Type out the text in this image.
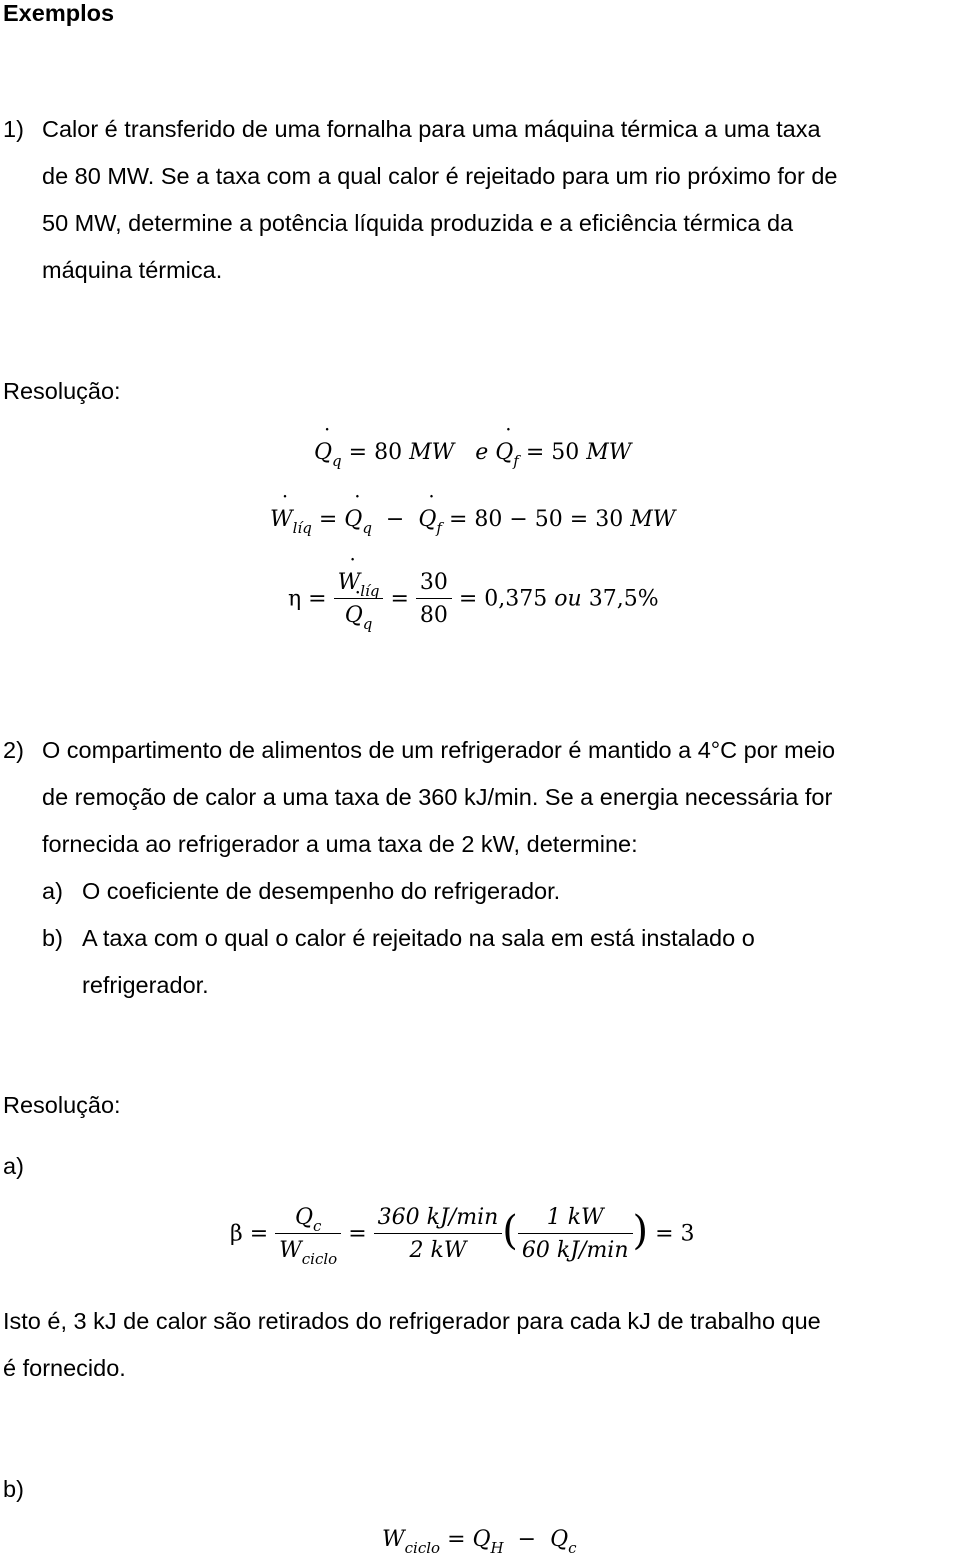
Exemplos
1) Calor é transferido de uma fornalha para uma máquina térmica a uma taxa
de 80 MW. Se a taxa com a qual calor é rejeitado para um rio próximo for de
50 MW, determine a potência líquida produzida e a eficiência térmica da
máquina térmica.
Resolução:
˙ $Q_q = 80$ MW e ˙ $Q_f = 50$ MW
˙ $W_{líq}$ = ˙ $Q_q$ − ˙ $Q_f = 80 - 50 = 30$ MW
η = ˙ $W_{líq}$
˙ $Q_q = \frac{30}{80} = 0,375$ ou 37,5%
2) O compartimento de alimentos de um refrigerador é mantido a 4°C por meio
de remoção de calor a uma taxa de 360 kJ/min. Se a energia necessária for
fornecida ao refrigerador a uma taxa de 2 kW, determine:
a) O coeficiente de desempenho do refrigerador.
b) A taxa com o qual o calor é rejeitado na sala em está instalado o
refrigerador.
Resolução:
a)
$\beta = \frac{Q_c}{W_{ciclo}} = \frac{360 kJ/\min}{2 kW}$ ( $\frac{1 kW}{60 kJ/\min}$ ) = 3
Isto é, 3 kJ de calor são retirados do refrigerador para cada kJ de trabalho que
é fornecido.
b)
$W_{ciclo} = Q_H - Q_c$
